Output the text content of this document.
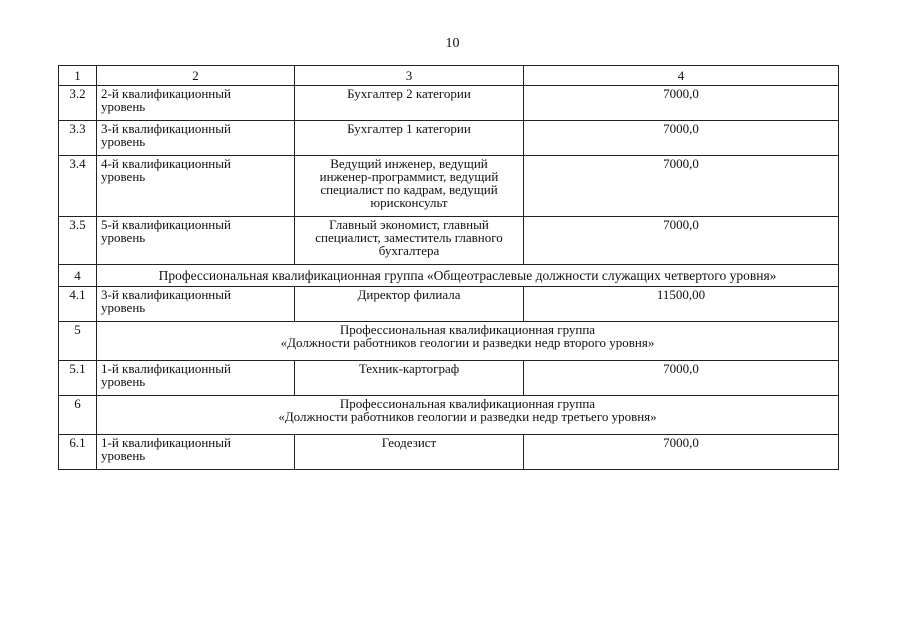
10
1	2	3	4
3.2	2-й квалификационный
уровень	Бухгалтер 2 категории	7000,0
3.3	3-й квалификационный
уровень	Бухгалтер 1 категории	7000,0
3.4	4-й квалификационный
уровень	Ведущий инженер, ведущий
инженер-программист, ведущий
специалист по кадрам, ведущий
юрисконсульт	7000,0
3.5	5-й квалификационный
уровень	Главный экономист, главный
специалист, заместитель главного
бухгалтера	7000,0
4	Профессиональная квалификационная группа «Общеотраслевые должности служащих четвертого уровня»		

4.1	3-й квалификационный
уровень	Директор филиала	11500,00
5	Профессиональная квалификационная группа
«Должности работников геологии и разведки недр второго уровня»		

5.1	1-й квалификационный
уровень	Техник-картограф	7000,0
6	Профессиональная квалификационная группа
«Должности работников геологии и разведки недр третьего уровня»		

6.1	1-й квалификационный
уровень	Геодезист	7000,0
